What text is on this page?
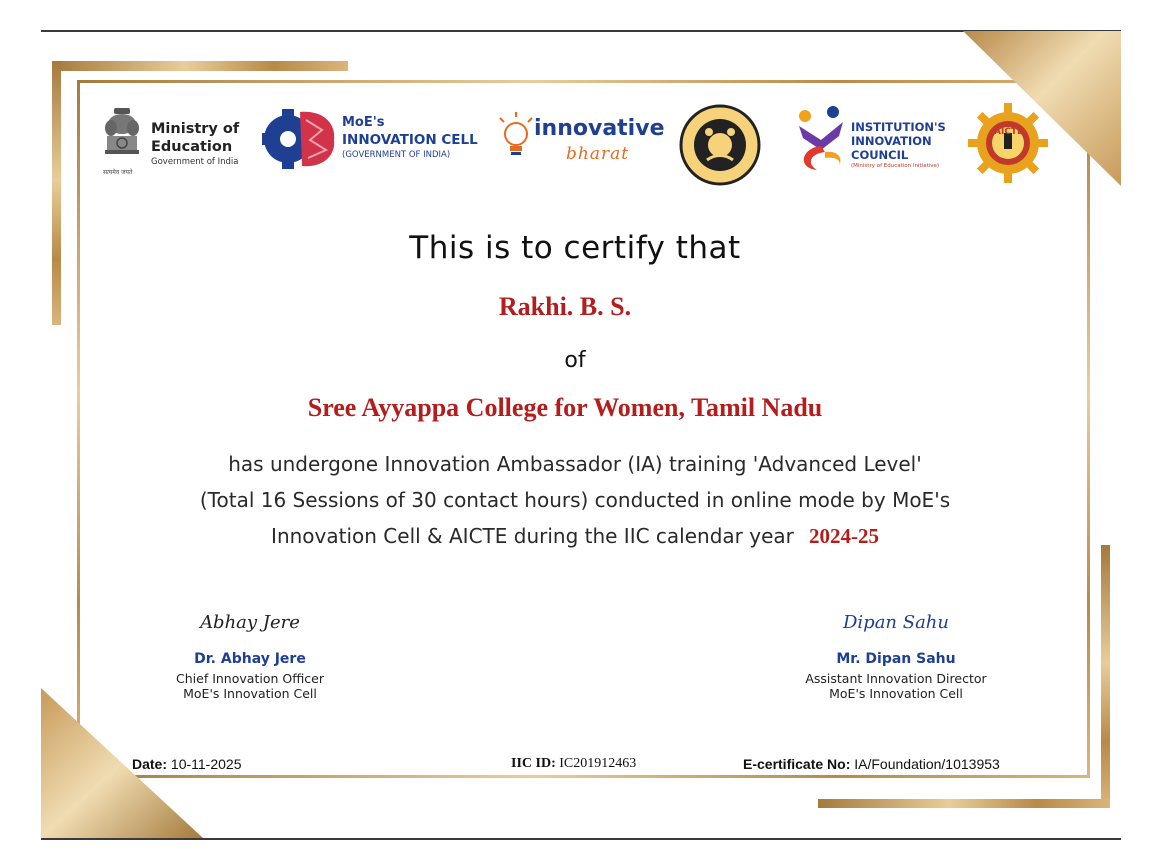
सत्यमेव जयते
Ministry of
Education
Government of India
MoE's
INNOVATION CELL
(GOVERNMENT OF INDIA)
innovative
bharat
INSTITUTION'S
INNOVATION
COUNCIL
(Ministry of Education Initiative)
AICTE
This is to certify that
Rakhi. B. S.
of
Sree Ayyappa College for Women, Tamil Nadu
has undergone Innovation Ambassador (IA) training 'Advanced Level'
(Total 16 Sessions of 30 contact hours) conducted in online mode by MoE's
Innovation Cell & AICTE during the IIC calendar year 2024-25
Abhay Jere
Dr. Abhay Jere
Chief Innovation Officer
MoE's Innovation Cell
Dipan Sahu
Mr. Dipan Sahu
Assistant Innovation Director
MoE's Innovation Cell
Date: 10-11-2025	IIC ID: IC201912463	E-certificate No: IA/Foundation/1013953
